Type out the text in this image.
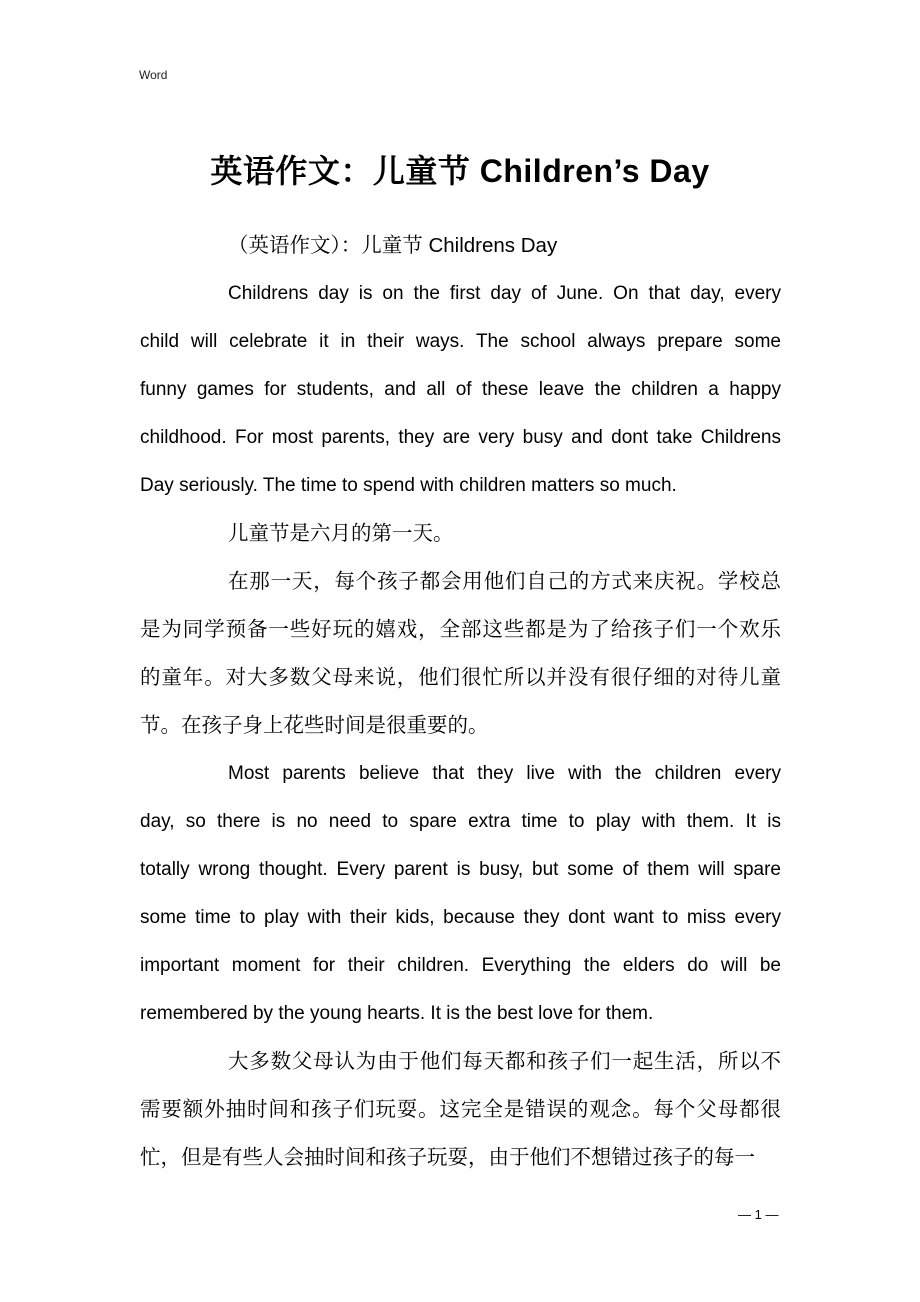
Word
英语作文：儿童节 Children’s Day
（英语作文）：儿童节 Childrens Day
Childrens day is on the first day of June. On that day, every
child will celebrate it in their ways. The school always prepare some
funny games for students, and all of these leave the children a happy
childhood. For most parents, they are very busy and dont take Childrens
Day seriously. The time to spend with children matters so much.
儿童节是六月的第一天。
在那一天，每个孩子都会用他们自己的方式来庆祝。学校总
是为同学预备一些好玩的嬉戏，全部这些都是为了给孩子们一个欢乐
的童年。对大多数父母来说，他们很忙所以并没有很仔细的对待儿童
节。在孩子身上花些时间是很重要的。
Most parents believe that they live with the children every
day, so there is no need to spare extra time to play with them. It is
totally wrong thought. Every parent is busy, but some of them will spare
some time to play with their kids, because they dont want to miss every
important moment for their children. Everything the elders do will be
remembered by the young hearts. It is the best love for them.
大多数父母认为由于他们每天都和孩子们一起生活，所以不
需要额外抽时间和孩子们玩耍。这完全是错误的观念。每个父母都很
忙，但是有些人会抽时间和孩子玩耍，由于他们不想错过孩子的每一
— 1 —
